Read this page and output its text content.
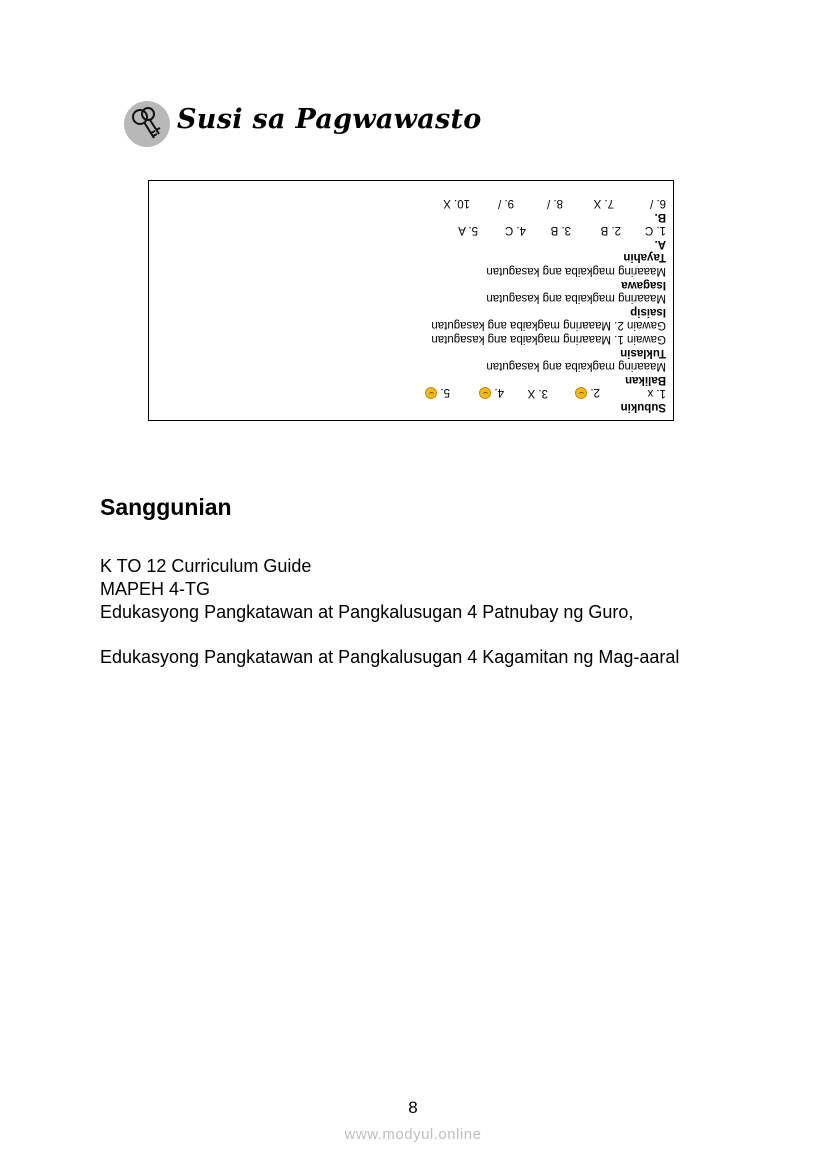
Susi sa Pagwawasto
Subukin
1. x
2.
3. X
4.
5.
Balikan
Maaaring magkaiba ang kasagutan
Tuklasin
Gawain 1. Maaaring magkaiba ang kasagutan
Gawain 2. Maaaring magkaiba ang kasagutan
Isaisip
Maaaring magkaiba ang kasagutan
Isagawa
Maaaring magkaiba ang kasagutan
Tayahin
A.
1. C
2. B
3. B
4. C
5. A
B.
6. /
7. X
8. /
9. /
10. X
Sanggunian

K TO 12 Curriculum Guide

MAPEH 4-TG

Edukasyong Pangkatawan at Pangkalusugan 4 Patnubay ng Guro,

Edukasyong Pangkatawan at Pangkalusugan 4 Kagamitan ng Mag-aaral

8
www.modyul.online
